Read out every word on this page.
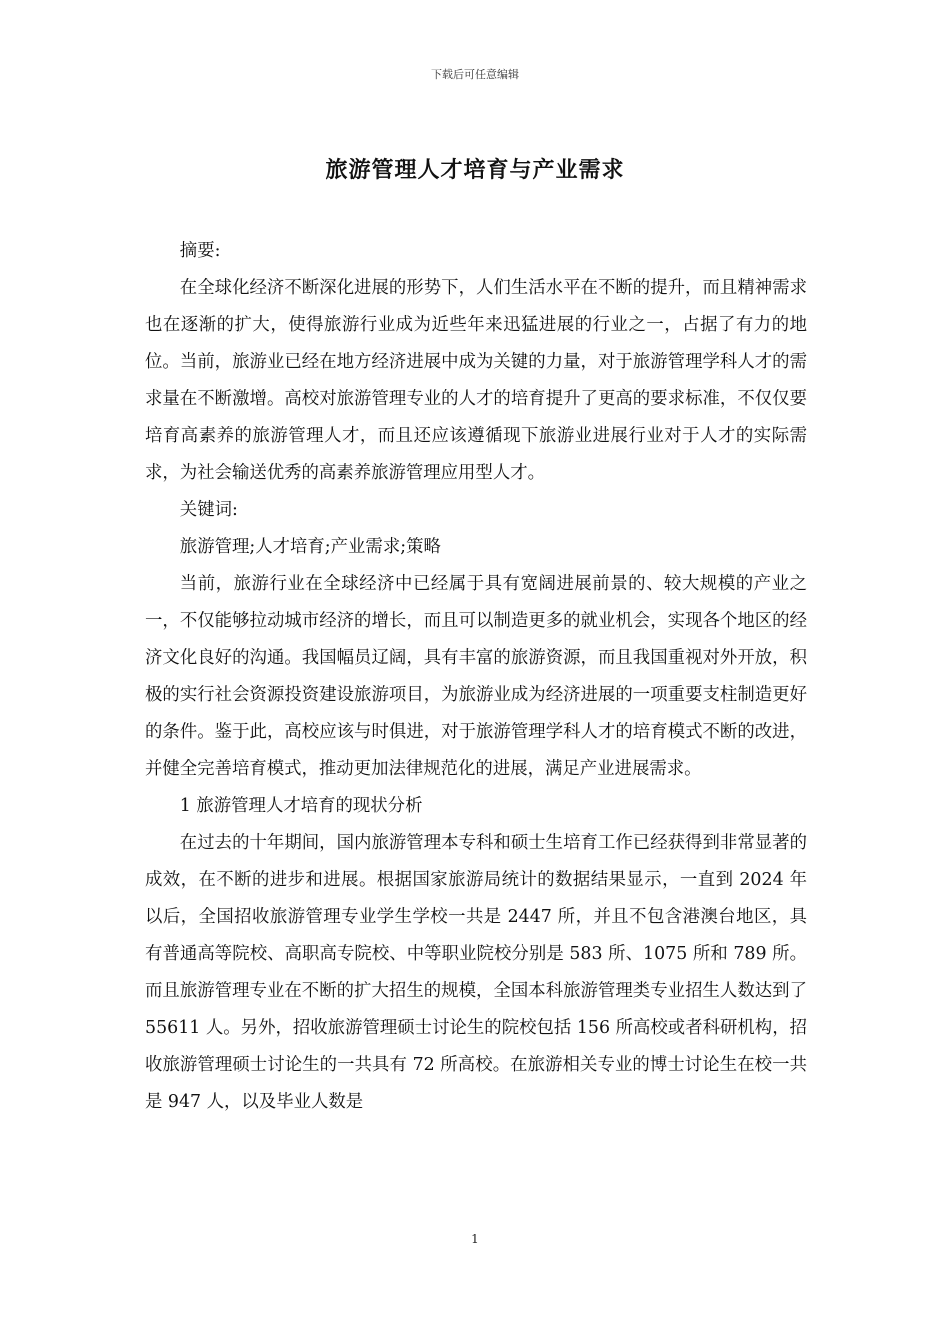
下载后可任意编辑
旅游管理人才培育与产业需求

摘要:

在全球化经济不断深化进展的形势下，人们生活水平在不断的提升，而且精神需求也在逐渐的扩大，使得旅游行业成为近些年来迅猛进展的行业之一，占据了有力的地位。当前，旅游业已经在地方经济进展中成为关键的力量，对于旅游管理学科人才的需求量在不断激增。高校对旅游管理专业的人才的培育提升了更高的要求标准，不仅仅要培育高素养的旅游管理人才，而且还应该遵循现下旅游业进展行业对于人才的实际需求，为社会输送优秀的高素养旅游管理应用型人才。

关键词:

旅游管理;人才培育;产业需求;策略

当前，旅游行业在全球经济中已经属于具有宽阔进展前景的、较大规模的产业之一，不仅能够拉动城市经济的增长，而且可以制造更多的就业机会，实现各个地区的经济文化良好的沟通。我国幅员辽阔，具有丰富的旅游资源，而且我国重视对外开放，积极的实行社会资源投资建设旅游项目，为旅游业成为经济进展的一项重要支柱制造更好的条件。鉴于此，高校应该与时俱进，对于旅游管理学科人才的培育模式不断的改进，并健全完善培育模式，推动更加法律规范化的进展，满足产业进展需求。

1 旅游管理人才培育的现状分析

在过去的十年期间，国内旅游管理本专科和硕士生培育工作已经获得到非常显著的成效，在不断的进步和进展。根据国家旅游局统计的数据结果显示，一直到 2024 年以后，全国招收旅游管理专业学生学校一共是 2447 所，并且不包含港澳台地区，具有普通高等院校、高职高专院校、中等职业院校分别是 583 所、1075 所和 789 所。而且旅游管理专业在不断的扩大招生的规模，全国本科旅游管理类专业招生人数达到了 55611 人。另外，招收旅游管理硕士讨论生的院校包括 156 所高校或者科研机构，招收旅游管理硕士讨论生的一共具有 72 所高校。在旅游相关专业的博士讨论生在校一共是 947 人，以及毕业人数是

1
